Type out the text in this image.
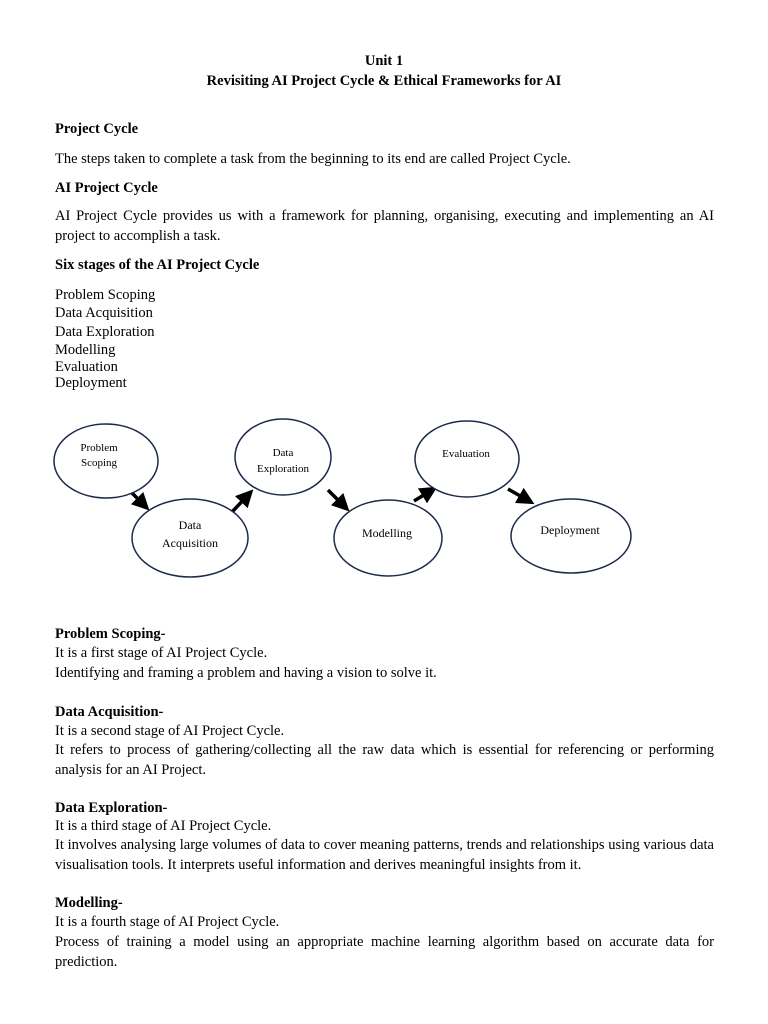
Unit 1
Revisiting AI Project Cycle & Ethical Frameworks for AI
Project Cycle
The steps taken to complete a task from the beginning to its end are called Project Cycle.
AI Project Cycle
AI Project Cycle provides us with a framework for planning, organising, executing and implementing an AI project to accomplish a task.
Six stages of the AI Project Cycle
Problem Scoping
Data Acquisition
Data Exploration
Modelling
Evaluation
Deployment
Problem
Scoping
Data
Acquisition
Data
Exploration
Modelling
Evaluation
Deployment
Problem Scoping-
It is a first stage of AI Project Cycle.
Identifying and framing a problem and having a vision to solve it.
Data Acquisition-
It is a second stage of AI Project Cycle.
It refers to process of gathering/collecting all the raw data which is essential for referencing or performing analysis for an AI Project.
Data Exploration-
It is a third stage of AI Project Cycle.
It involves analysing large volumes of data to cover meaning patterns, trends and relationships using various data visualisation tools. It interprets useful information and derives meaningful insights from it.
Modelling-
It is a fourth stage of AI Project Cycle.
Process of training a model using an appropriate machine learning algorithm based on accurate data for prediction.
